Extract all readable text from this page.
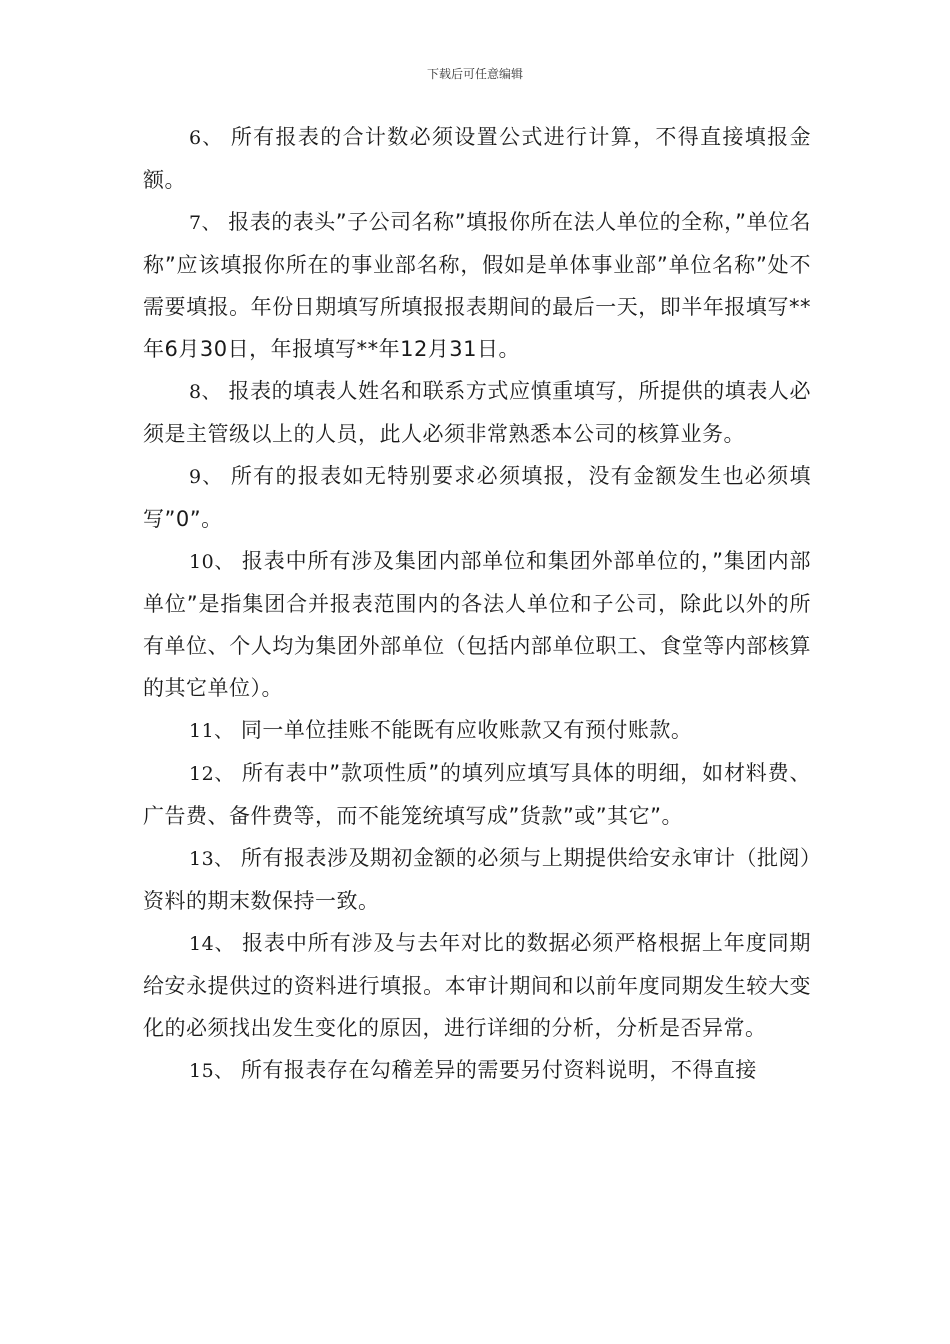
下载后可任意编辑

6、 所有报表的合计数必须设置公式进行计算，不得直接填报金额。

7、 报表的表头”子公司名称”填报你所在法人单位的全称，”单位名称”应该填报你所在的事业部名称，假如是单体事业部”单位名称”处不需要填报。年份日期填写所填报报表期间的最后一天，即半年报填写**年6月30日，年报填写**年12月31日。

8、 报表的填表人姓名和联系方式应慎重填写，所提供的填表人必须是主管级以上的人员，此人必须非常熟悉本公司的核算业务。

9、 所有的报表如无特别要求必须填报，没有金额发生也必须填写”0”。

10、 报表中所有涉及集团内部单位和集团外部单位的，”集团内部单位”是指集团合并报表范围内的各法人单位和子公司，除此以外的所有单位、个人均为集团外部单位（包括内部单位职工、食堂等内部核算的其它单位）。

11、 同一单位挂账不能既有应收账款又有预付账款。

12、 所有表中”款项性质”的填列应填写具体的明细，如材料费、广告费、备件费等，而不能笼统填写成”货款”或”其它”。

13、 所有报表涉及期初金额的必须与上期提供给安永审计（批阅）资料的期末数保持一致。

14、 报表中所有涉及与去年对比的数据必须严格根据上年度同期给安永提供过的资料进行填报。本审计期间和以前年度同期发生较大变化的必须找出发生变化的原因，进行详细的分析，分析是否异常。

15、 所有报表存在勾稽差异的需要另付资料说明，不得直接
